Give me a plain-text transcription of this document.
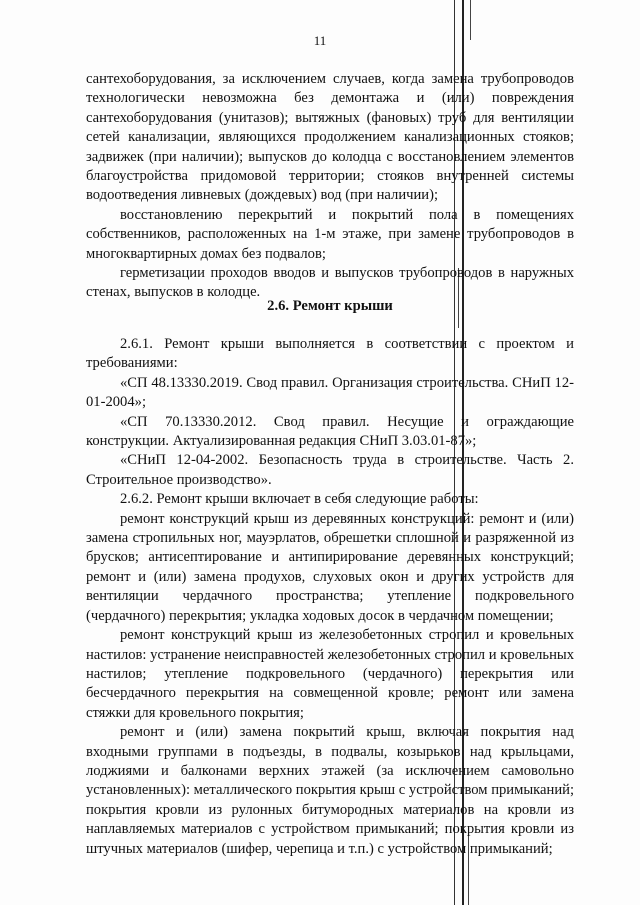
11

сантехоборудования, за исключением случаев, когда замена трубопроводов технологически невозможна без демонтажа и (или) повреждения сантехоборудования (унитазов); вытяжных (фановых) труб для вентиляции сетей канализации, являющихся продолжением канализационных стояков; задвижек (при наличии); выпусков до колодца с восстановлением элементов благоустройства придомовой территории; стояков внутренней системы водоотведения ливневых (дождевых) вод (при наличии);

восстановлению перекрытий и покрытий пола в помещениях собственников, расположенных на 1-м этаже, при замене трубопроводов в многоквартирных домах без подвалов;

герметизации проходов вводов и выпусков трубопроводов в наружных стенах, выпусков в колодце.

2.6. Ремонт крыши

2.6.1. Ремонт крыши выполняется в соответствии с проектом и требованиями:

«СП 48.13330.2019. Свод правил. Организация строительства. СНиП 12-01-2004»;

«СП 70.13330.2012. Свод правил. Несущие и ограждающие конструкции. Актуализированная редакция СНиП 3.03.01-87»;

«СНиП 12-04-2002. Безопасность труда в строительстве. Часть 2. Строительное производство».

2.6.2. Ремонт крыши включает в себя следующие работы:

ремонт конструкций крыш из деревянных конструкций: ремонт и (или) замена стропильных ног, мауэрлатов, обрешетки сплошной и разряженной из брусков; антисептирование и антипирирование деревянных конструкций; ремонт и (или) замена продухов, слуховых окон и других устройств для вентиляции чердачного пространства; утепление подкровельного (чердачного) перекрытия; укладка ходовых досок в чердачном помещении;

ремонт конструкций крыш из железобетонных стропил и кровельных настилов: устранение неисправностей железобетонных стропил и кровельных настилов; утепление подкровельного (чердачного) перекрытия или бесчердачного перекрытия на совмещенной кровле; ремонт или замена стяжки для кровельного покрытия;

ремонт и (или) замена покрытий крыш, включая покрытия над входными группами в подъезды, в подвалы, козырьков над крыльцами, лоджиями и балконами верхних этажей (за исключением самовольно установленных): металлического покрытия крыш с устройством примыканий; покрытия кровли из рулонных битумородных материалов на кровли из наплавляемых материалов с устройством примыканий; покрытия кровли из штучных материалов (шифер, черепица и т.п.) с устройством примыканий;
